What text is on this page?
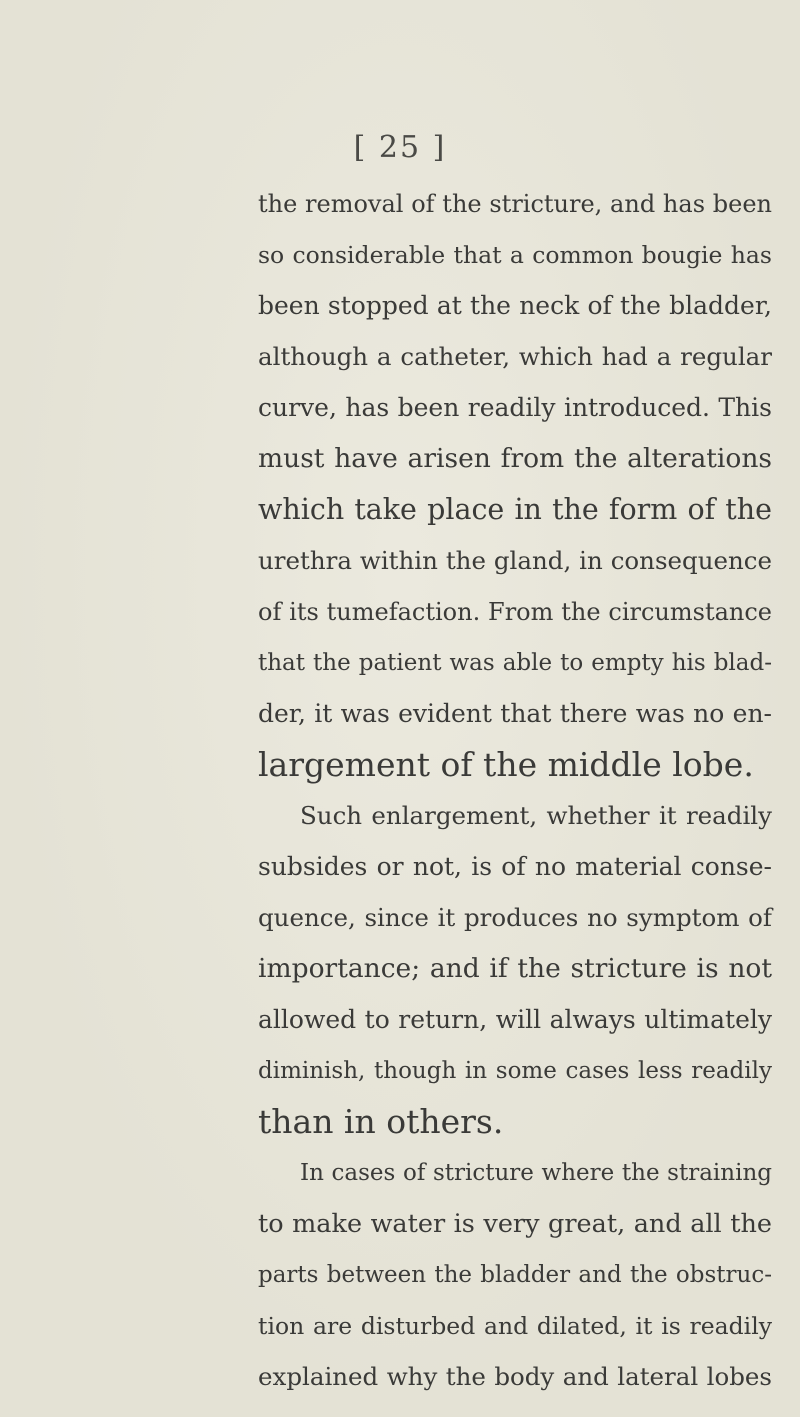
[ 25 ]
the removal of the stricture, and has been
so considerable that a common bougie has
been stopped at the neck of the bladder,
although a catheter, which had a regular
curve, has been readily introduced. This
must have arisen from the alterations
which take place in the form of the
urethra within the gland, in consequence
of its tumefaction. From the circumstance
that the patient was able to empty his blad-
der, it was evident that there was no en-
largement of the middle lobe.
Such enlargement, whether it readily
subsides or not, is of no material conse-
quence, since it produces no symptom of
importance; and if the stricture is not
allowed to return, will always ultimately
diminish, though in some cases less readily
than in others.
In cases of stricture where the straining
to make water is very great, and all the
parts between the bladder and the obstruc-
tion are disturbed and dilated, it is readily
explained why the body and lateral lobes
